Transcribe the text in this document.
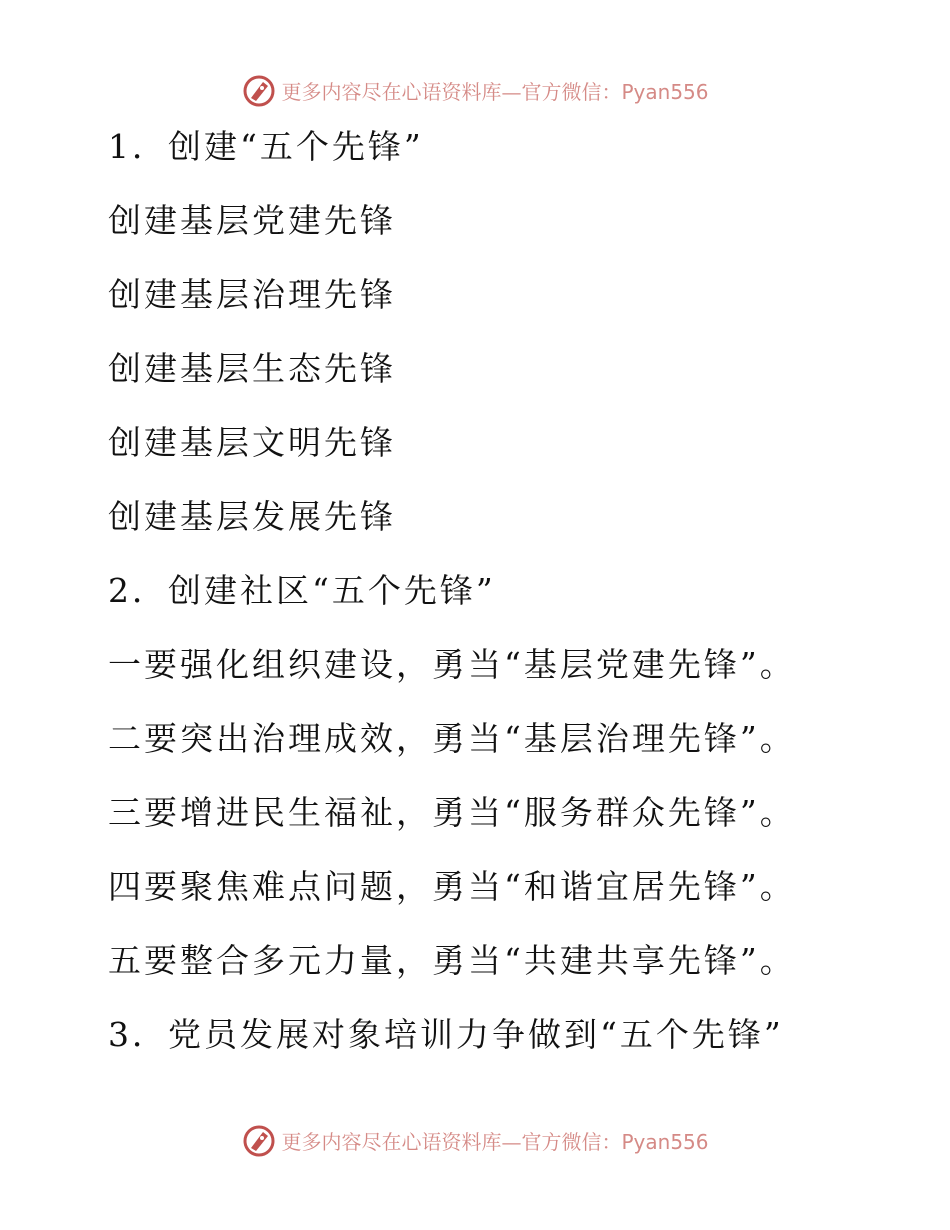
更多内容尽在心语资料库—官方微信：Pyan556
1．创建“五个先锋”
创建基层党建先锋
创建基层治理先锋
创建基层生态先锋
创建基层文明先锋
创建基层发展先锋
2．创建社区“五个先锋”
一要强化组织建设，勇当“基层党建先锋”。
二要突出治理成效，勇当“基层治理先锋”。
三要增进民生福祉，勇当“服务群众先锋”。
四要聚焦难点问题，勇当“和谐宜居先锋”。
五要整合多元力量，勇当“共建共享先锋”。
3．党员发展对象培训力争做到“五个先锋”
更多内容尽在心语资料库—官方微信：Pyan556
